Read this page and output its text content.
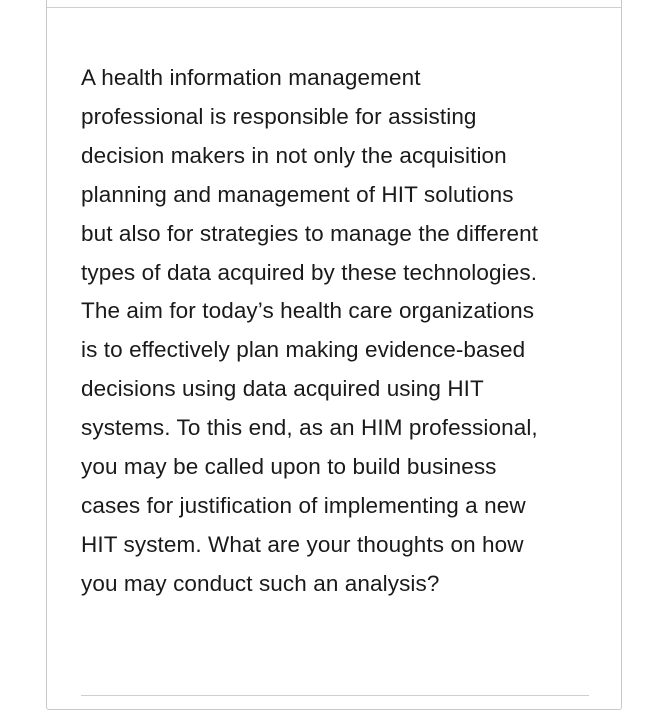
A health information management
professional is responsible for assisting
decision makers in not only the acquisition
planning and management of HIT solutions
but also for strategies to manage the different
types of data acquired by these technologies.
The aim for today’s health care organizations
is to effectively plan making evidence-based
decisions using data acquired using HIT
systems. To this end, as an HIM professional,
you may be called upon to build business
cases for justification of implementing a new
HIT system. What are your thoughts on how
you may conduct such an analysis?
